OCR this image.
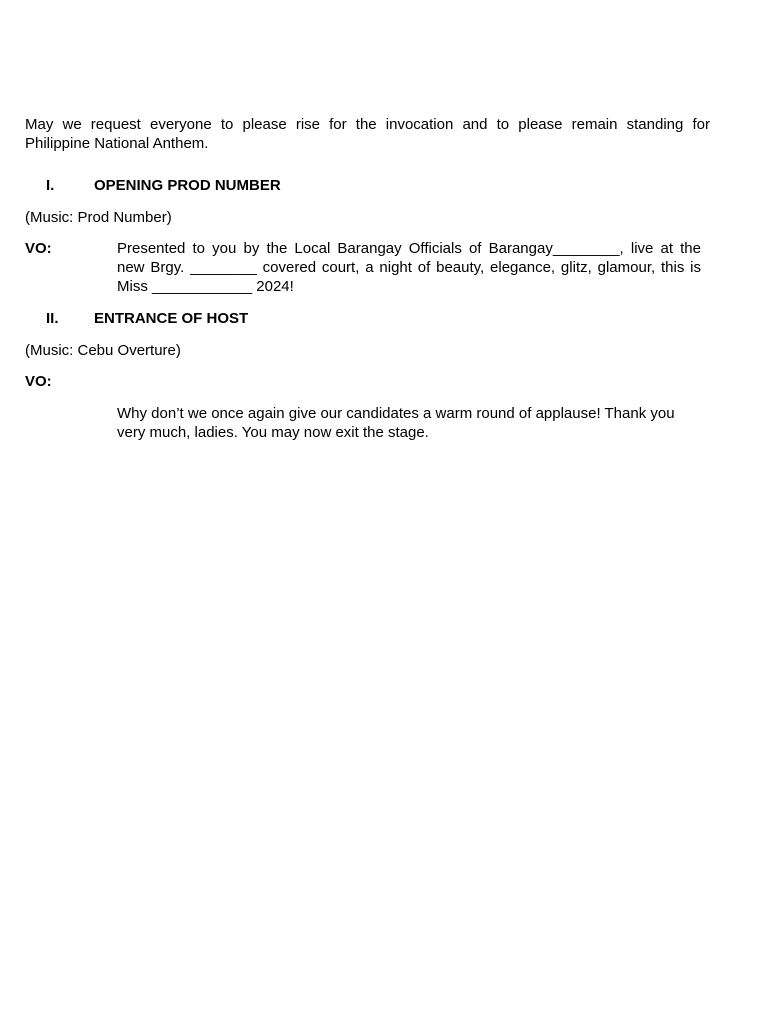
May we request everyone to please rise for the invocation and to please remain standing for
Philippine National Anthem.
I.	OPENING PROD NUMBER
(Music: Prod Number)
VO:	Presented to you by the Local Barangay Officials of Barangay________, live at the
new Brgy. ________ covered court, a night of beauty, elegance, glitz, glamour, this is
Miss ____________ 2024!
II.	ENTRANCE OF HOST
(Music: Cebu Overture)
VO:
Why don’t we once again give our candidates a warm round of applause! Thank you
very much, ladies. You may now exit the stage.
